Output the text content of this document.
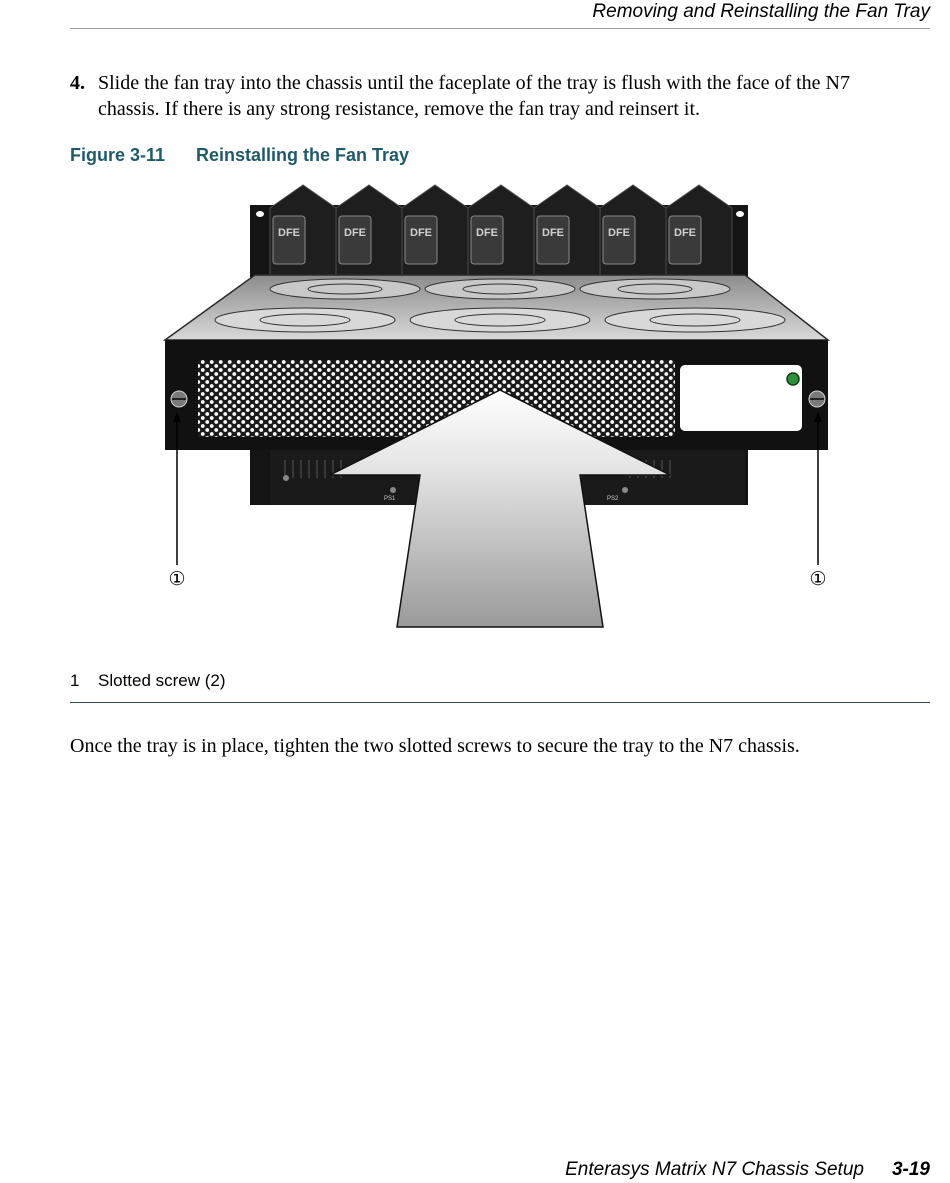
Removing and Reinstalling the Fan Tray
4. Slide the fan tray into the chassis until the faceplate of the tray is flush with the face of the N7 chassis. If there is any strong resistance, remove the fan tray and reinsert it.
Figure 3-11 Reinstalling the Fan Tray
DFE	DFE	DFE	DFE	DFE	DFE	DFE
PS1	PS2
①	①
1 Slotted screw (2)
Once the tray is in place, tighten the two slotted screws to secure the tray to the N7 chassis.
Enterasys Matrix N7 Chassis Setup 3-19
